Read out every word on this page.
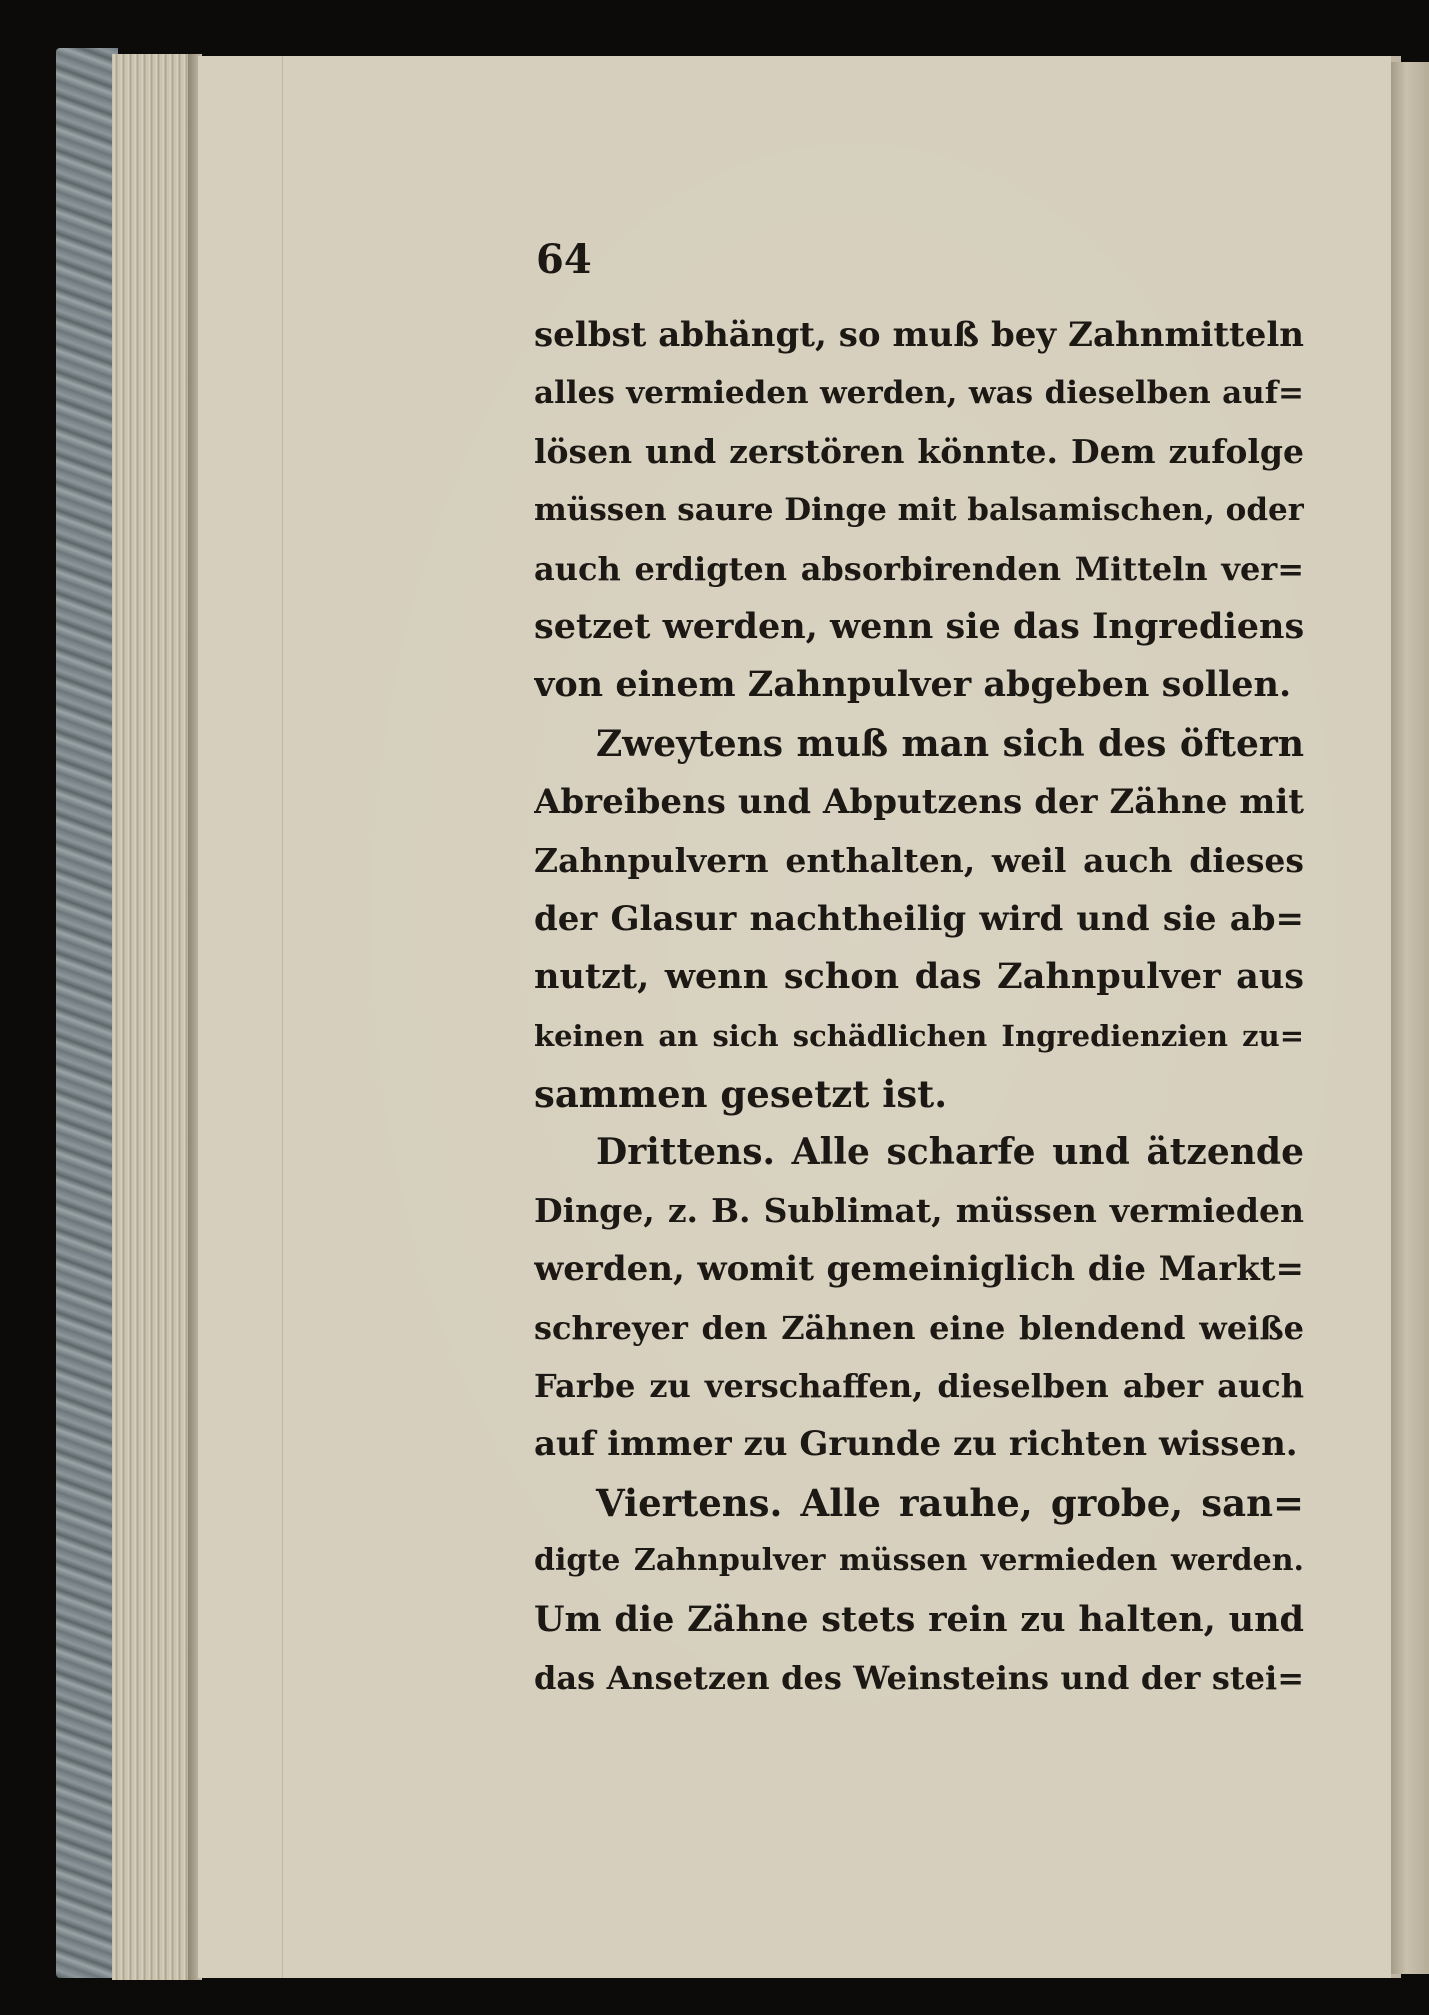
64
selbst abhängt, so muß bey Zahnmitteln
alles vermieden werden, was dieselben auf=
lösen und zerstören könnte. Dem zufolge
müssen saure Dinge mit balsamischen, oder
auch erdigten absorbirenden Mitteln ver=
setzet werden, wenn sie das Ingrediens
von einem Zahnpulver abgeben sollen.
Zweytens muß man sich des öftern
Abreibens und Abputzens der Zähne mit
Zahnpulvern enthalten, weil auch dieses
der Glasur nachtheilig wird und sie ab=
nutzt, wenn schon das Zahnpulver aus
keinen an sich schädlichen Ingredienzien zu=
sammen gesetzt ist.
Drittens. Alle scharfe und ätzende
Dinge, z. B. Sublimat, müssen vermieden
werden, womit gemeiniglich die Markt=
schreyer den Zähnen eine blendend weiße
Farbe zu verschaffen, dieselben aber auch
auf immer zu Grunde zu richten wissen.
Viertens. Alle rauhe, grobe, san=
digte Zahnpulver müssen vermieden werden.
Um die Zähne stets rein zu halten, und
das Ansetzen des Weinsteins und der stei=
